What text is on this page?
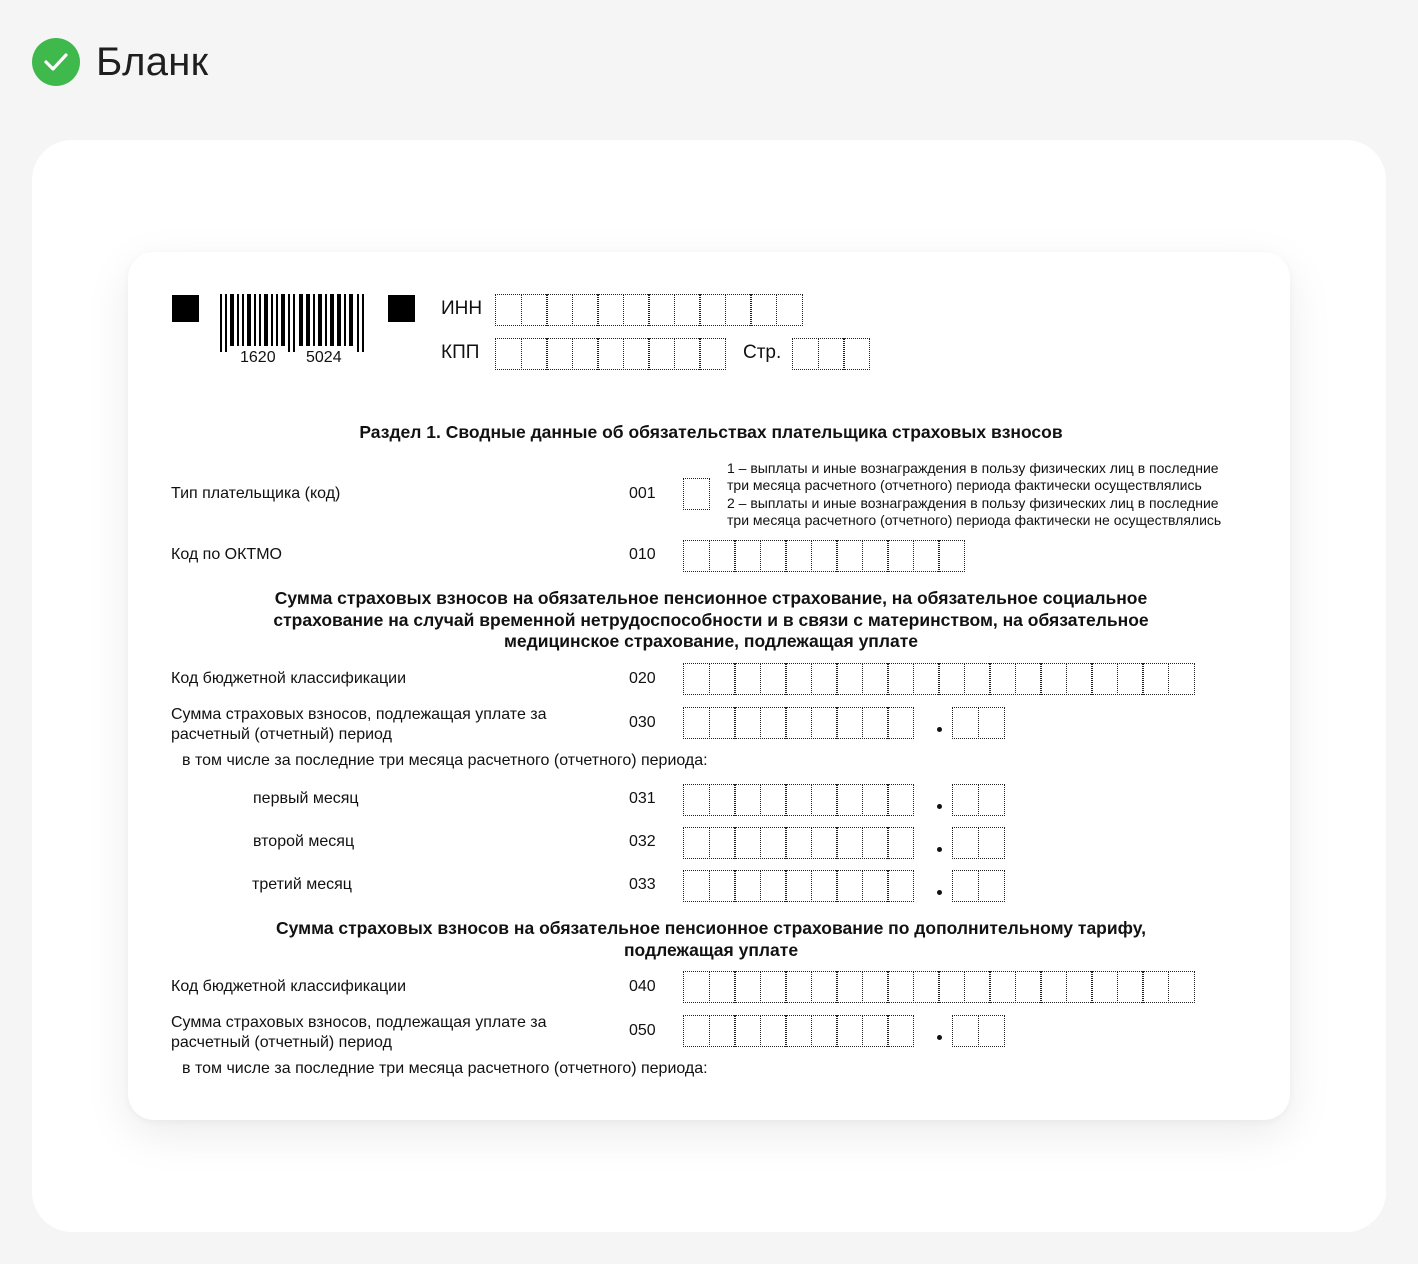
Бланк
1620 5024
ИНН
КПП	Стр.
Раздел 1. Сводные данные об обязательствах плательщика страховых взносов
Тип плательщика (код)	001
1 – выплаты и иные вознаграждения в пользу физических лиц в последние
три месяца расчетного (отчетного) периода фактически осуществлялись
2 – выплаты и иные вознаграждения в пользу физических лиц в последние
три месяца расчетного (отчетного) периода фактически не осуществлялись
Код по ОКТМО	010
Сумма страховых взносов на обязательное пенсионное страхование, на обязательное социальное
страхование на случай временной нетрудоспособности и в связи с материнством, на обязательное
медицинское страхование, подлежащая уплате
Код бюджетной классификации	020
Сумма страховых взносов, подлежащая уплате за
расчетный (отчетный) период
030
в том числе за последние три месяца расчетного (отчетного) периода:
первый месяц	031
второй месяц	032
третий месяц	033
Сумма страховых взносов на обязательное пенсионное страхование по дополнительному тарифу,
подлежащая уплате
Код бюджетной классификации	040
Сумма страховых взносов, подлежащая уплате за
расчетный (отчетный) период
050
в том числе за последние три месяца расчетного (отчетного) периода:
